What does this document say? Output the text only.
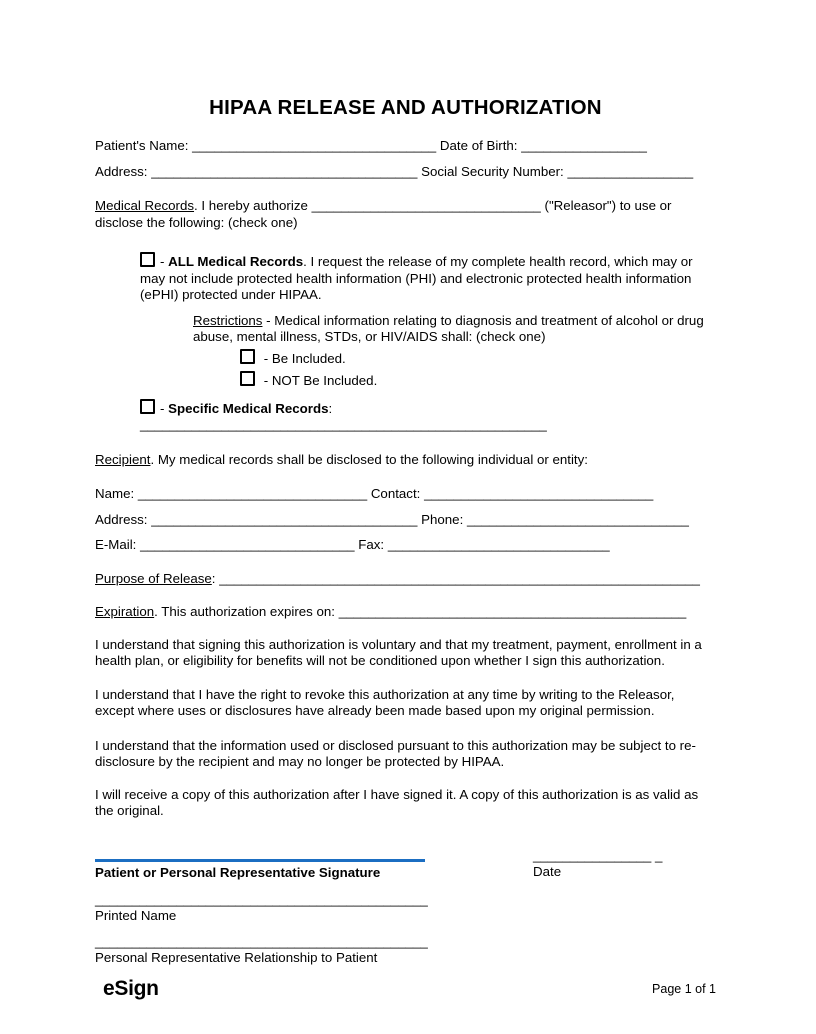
HIPAA RELEASE AND AUTHORIZATION

Patient's Name: _________________________________ Date of Birth: _________________

Address: ____________________________________ Social Security Number: _________________

Medical Records. I hereby authorize _______________________________ ("Releasor") to use or disclose the following: (check one)

- ALL Medical Records. I request the release of my complete health record, which may or may not include protected health information (PHI) and electronic protected health information (ePHI) protected under HIPAA.

Restrictions - Medical information relating to diagnosis and treatment of alcohol or drug abuse, mental illness, STDs, or HIV/AIDS shall: (check one)

- Be Included.

- NOT Be Included.

- Specific Medical Records: _______________________________________________________

Recipient. My medical records shall be disclosed to the following individual or entity:

Name: _______________________________ Contact: _______________________________

Address: ____________________________________ Phone: ______________________________

E-Mail: _____________________________ Fax: ______________________________

Purpose of Release: _________________________________________________________________

Expiration. This authorization expires on: _______________________________________________

I understand that signing this authorization is voluntary and that my treatment, payment, enrollment in a health plan, or eligibility for benefits will not be conditioned upon whether I sign this authorization.

I understand that I have the right to revoke this authorization at any time by writing to the Releasor, except where uses or disclosures have already been made based upon my original permission.

I understand that the information used or disclosed pursuant to this authorization may be subject to re-disclosure by the recipient and may no longer be protected by HIPAA.

I will receive a copy of this authorization after I have signed it. A copy of this authorization is as valid as the original.

Patient or Personal Representative Signature
________________ _
Date
_____________________________________________
Printed Name
_____________________________________________
Personal Representative Relationship to Patient
eSign	Page 1 of 1
